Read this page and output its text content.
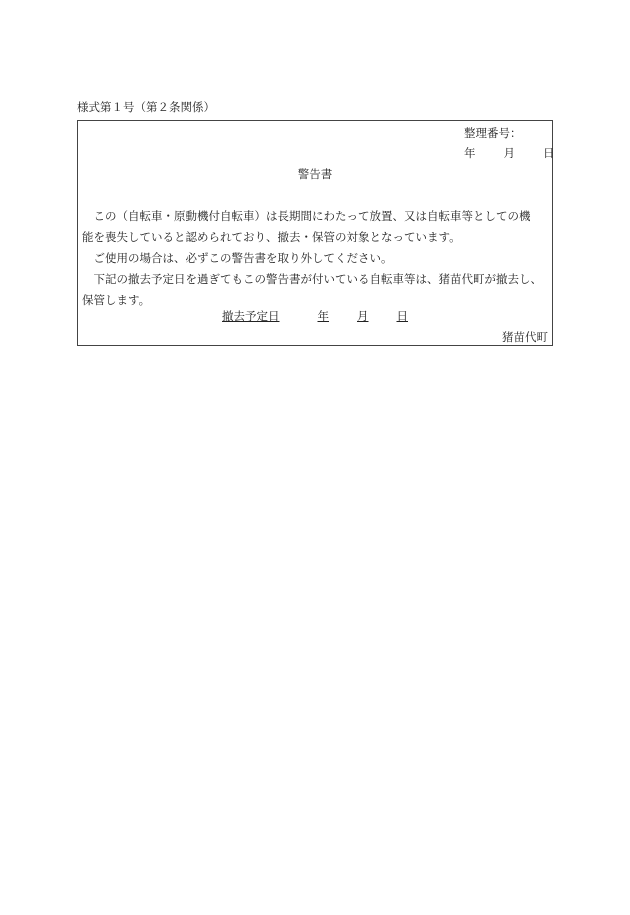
様式第１号（第２条関係）
整理番号：
年 月 日
警告書
　この（自転車・原動機付自転車）は長期間にわたって放置、又は自転車等としての機
能を喪失していると認められており、撤去・保管の対象となっています。
　ご使用の場合は、必ずこの警告書を取り外してください。
　下記の撤去予定日を過ぎてもこの警告書が付いている自転車等は、猪苗代町が撤去し、
保管します。
撤去予定日	年 月 日
猪苗代町
